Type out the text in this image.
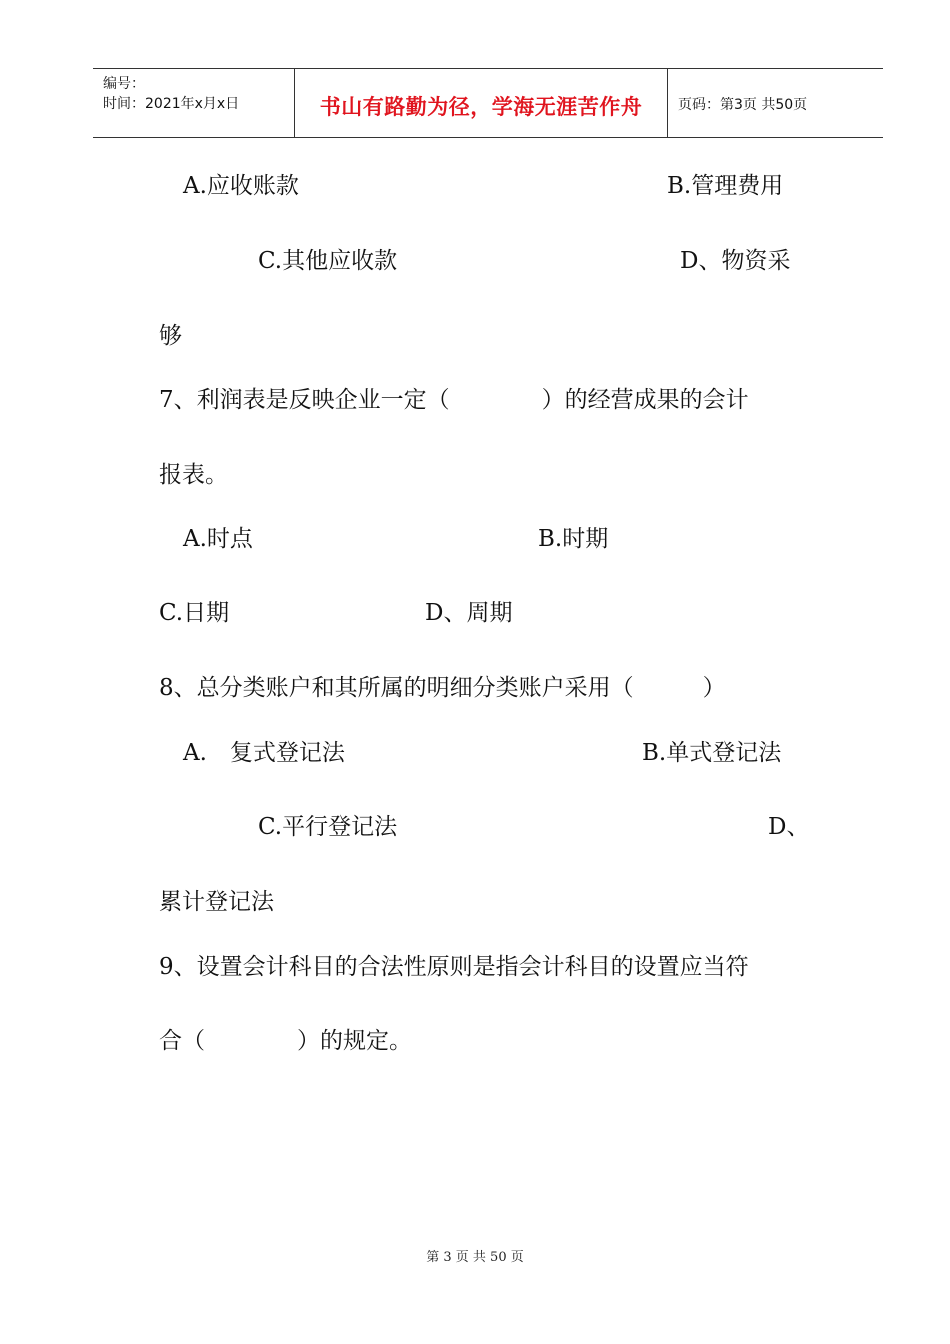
编号：
时间：2021年x月x日	书山有路勤为径，学海无涯苦作舟	页码：第3页 共50页
A.应收账款	B.管理费用
C.其他应收款	D、物资采
够
7、利润表是反映企业一定（　　　　）的经营成果的会计
报表。
A.时点	B.时期
C.日期	D、周期
8、总分类账户和其所属的明细分类账户采用（　　　）
A.　复式登记法	B.单式登记法
C.平行登记法	D、
累计登记法
9、设置会计科目的合法性原则是指会计科目的设置应当符
合（　　　　）的规定。
第 3 页 共 50 页
